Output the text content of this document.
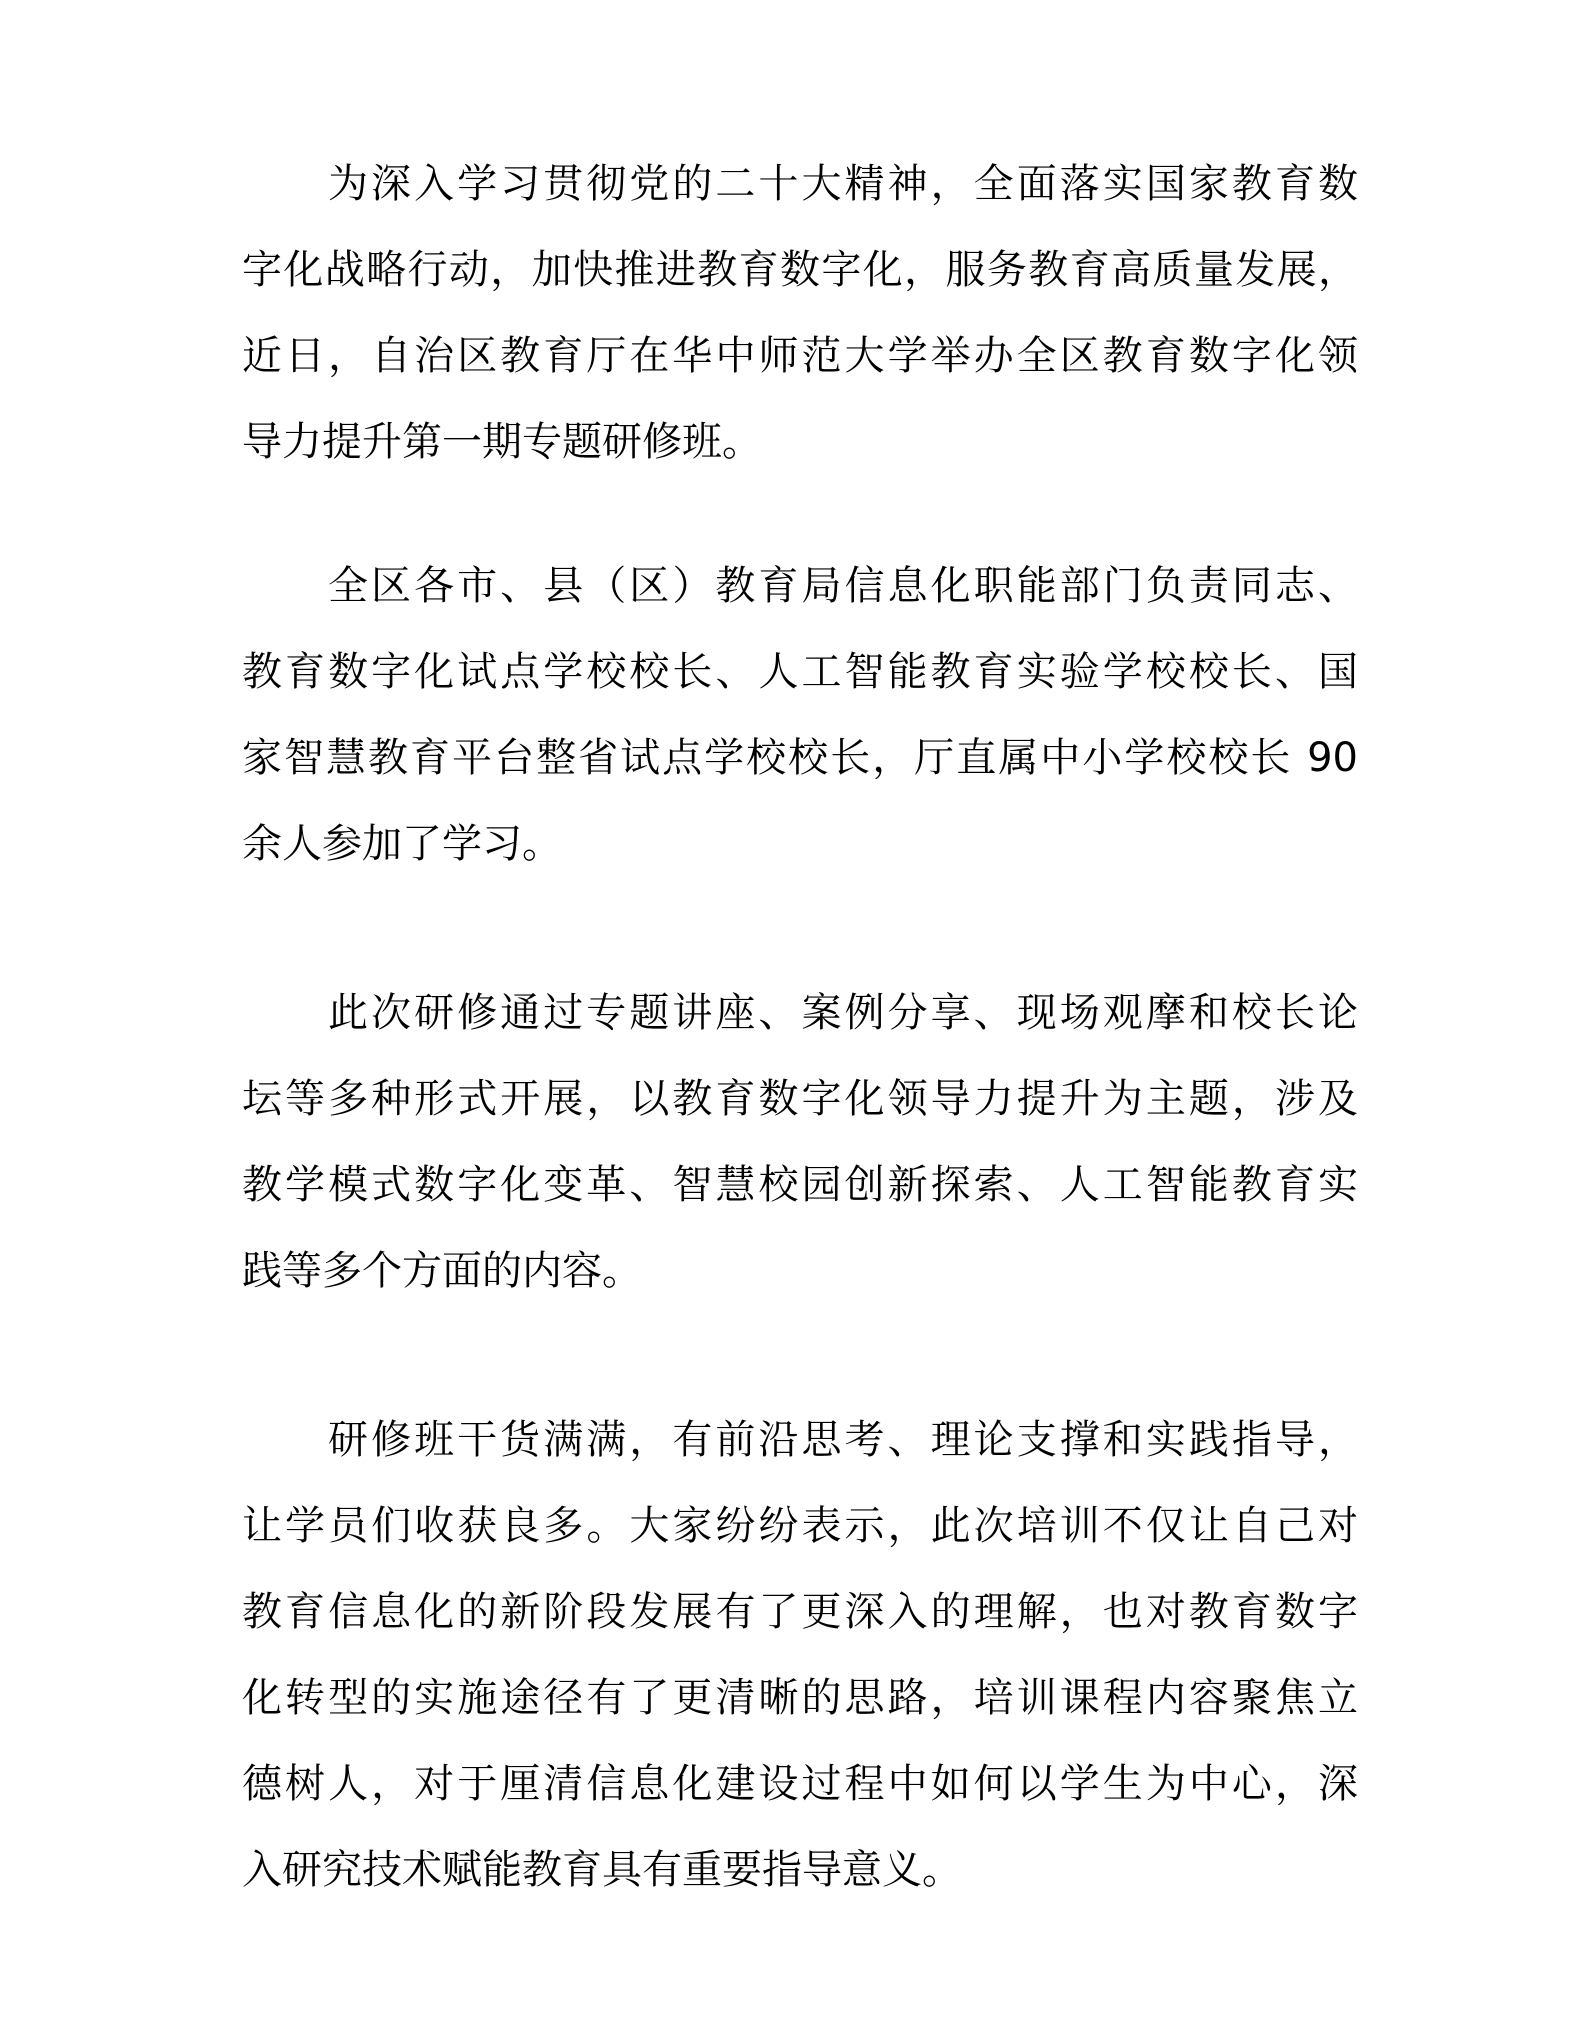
为深入学习贯彻党的二十大精神，全面落实国家教育数
字化战略行动，加快推进教育数字化，服务教育高质量发展，
近日，自治区教育厅在华中师范大学举办全区教育数字化领
导力提升第一期专题研修班。
全区各市、县（区）教育局信息化职能部门负责同志、
教育数字化试点学校校长、人工智能教育实验学校校长、国
家智慧教育平台整省试点学校校长，厅直属中小学校校长 90
余人参加了学习。
此次研修通过专题讲座、案例分享、现场观摩和校长论
坛等多种形式开展，以教育数字化领导力提升为主题，涉及
教学模式数字化变革、智慧校园创新探索、人工智能教育实
践等多个方面的内容。
研修班干货满满，有前沿思考、理论支撑和实践指导，
让学员们收获良多。大家纷纷表示，此次培训不仅让自己对
教育信息化的新阶段发展有了更深入的理解，也对教育数字
化转型的实施途径有了更清晰的思路，培训课程内容聚焦立
德树人，对于厘清信息化建设过程中如何以学生为中心，深
入研究技术赋能教育具有重要指导意义。
